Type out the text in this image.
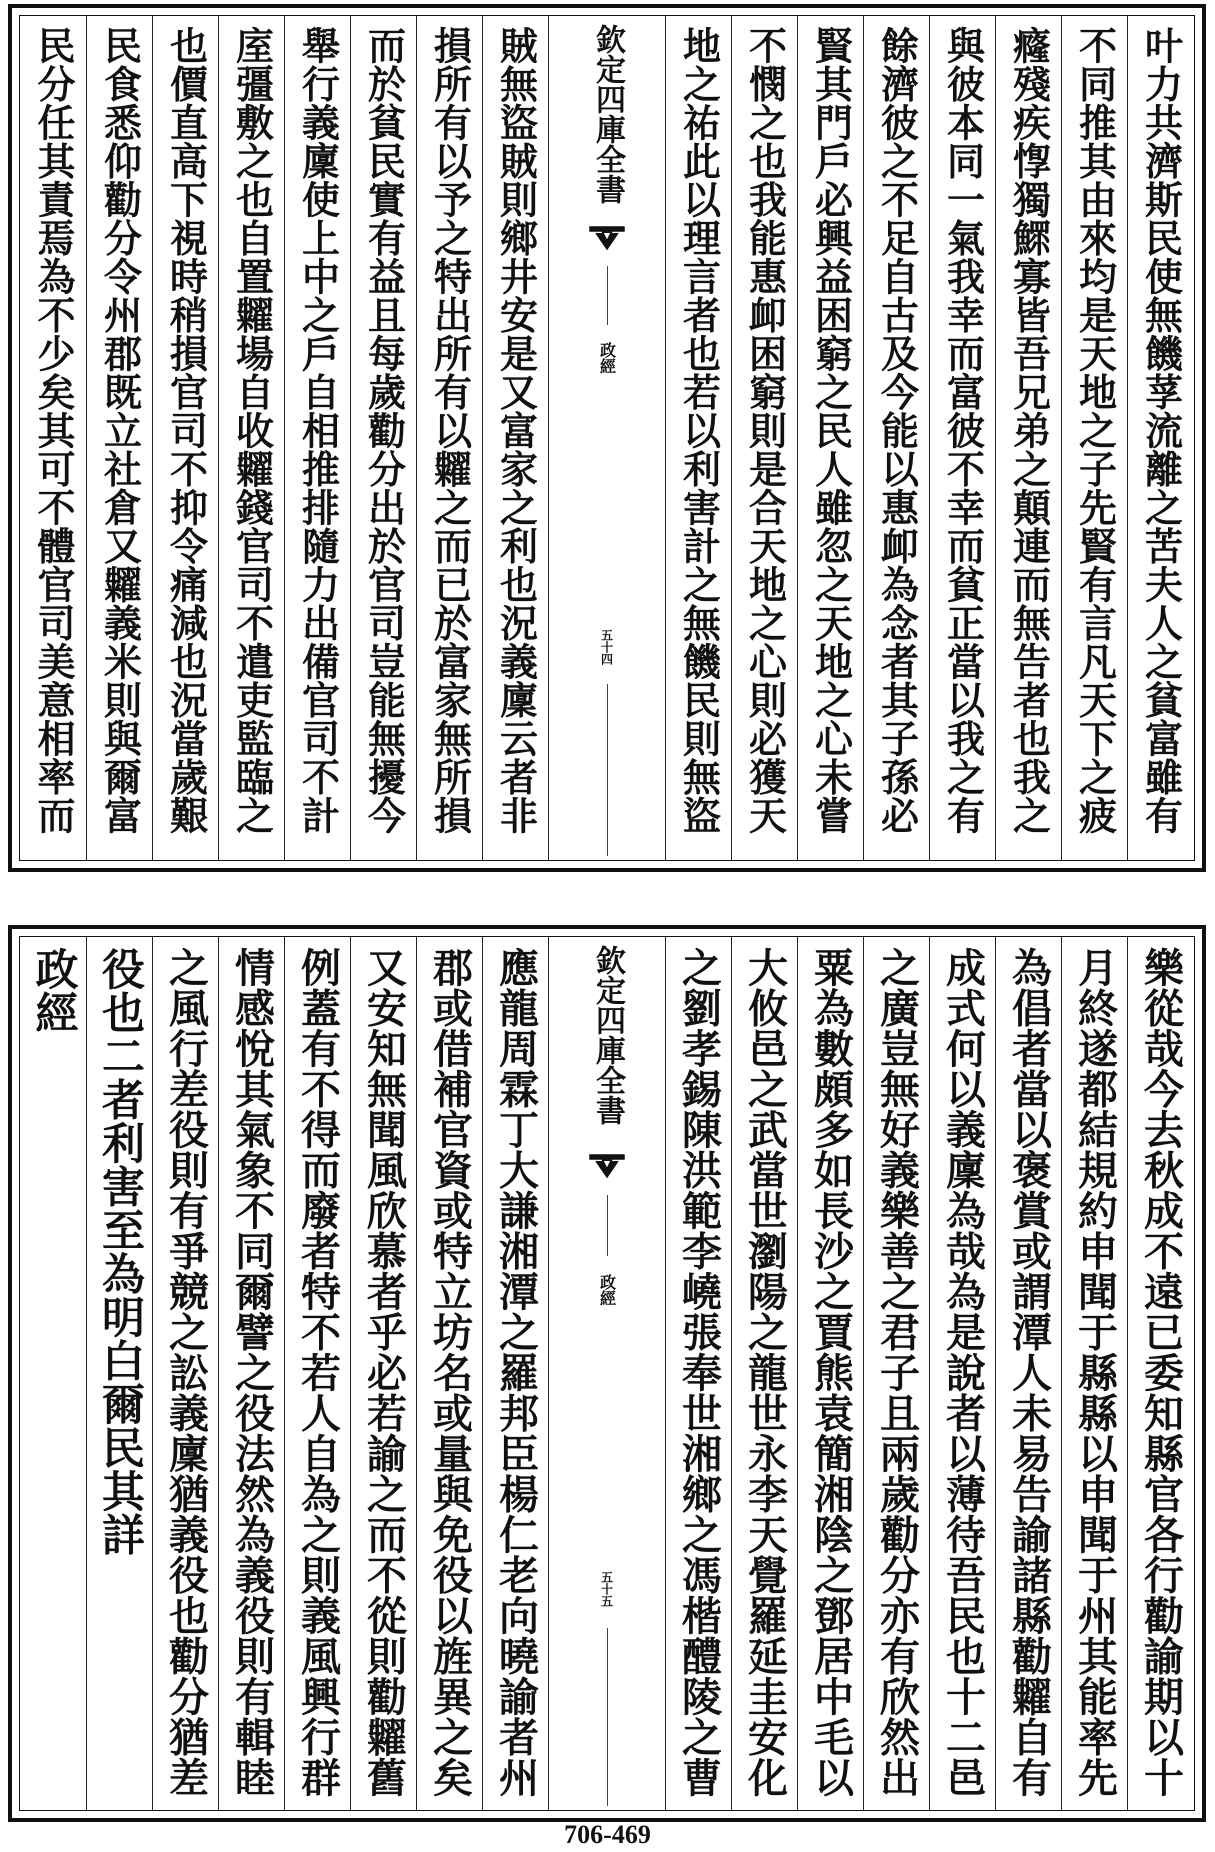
民分任其責焉為不少矣其可不體官司美意相率而 民食悉仰勸分令州郡既立社倉又糶義米則與爾富 也價直高下視時稍損官司不抑令痛減也況當歲艱 庢彊敷之也自置糶場自收糶錢官司不遣吏監臨之 舉行義廩使上中之戶自相推排隨力出備官司不計 而於貧民實有益且每歲勸分出於官司豈能無擾今 損所有以予之特出所有以糶之而已於富家無所損 賊無盜賊則鄉井安是又富家之利也況義廩云者非	欽定四庫全書
政經
五十四	地之祐此以理言者也若以利害計之無饑民則無盜 不憫之也我能惠卹困窮則是合天地之心則必獲天 賢其門戶必興益困窮之民人雖忽之天地之心未嘗 餘濟彼之不足自古及今能以惠卹為念者其子孫必 與彼本同一氣我幸而富彼不幸而貧正當以我之有 癃殘疾惸獨鰥寡皆吾兄弟之顛連而無告者也我之 不同推其由來均是天地之子先賢有言凡天下之疲 叶力共濟斯民使無饑莩流離之苦夫人之貧富雖有
政經 役也二者利害至為明白爾民其詳 之風行差役則有爭競之訟義廩猶義役也勸分猶差 情感悅其氣象不同爾譬之役法然為義役則有輯睦 例蓋有不得而廢者特不若人自為之則義風興行群 又安知無聞風欣慕者乎必若諭之而不從則勸糶舊 郡或借補官資或特立坊名或量與免役以旌異之矣 應龍周霖丁大謙湘潭之羅邦臣楊仁老向曉諭者州	欽定四庫全書
政經
五十五	之劉孝錫陳洪範李嶢張奉世湘鄉之馮楷醴陵之曹 大攸邑之武當世瀏陽之龍世永李天覺羅延圭安化 粟為數頗多如長沙之賈熊袁簡湘陰之鄧居中毛以 之廣豈無好義樂善之君子且兩歲勸分亦有欣然出 成式何以義廩為哉為是說者以薄待吾民也十二邑 為倡者當以褒賞或謂潭人未易告諭諸縣勸糶自有 月終遂都結規約申聞于縣縣以申聞于州其能率先 樂從哉今去秋成不遠已委知縣官各行勸諭期以十
706-469
